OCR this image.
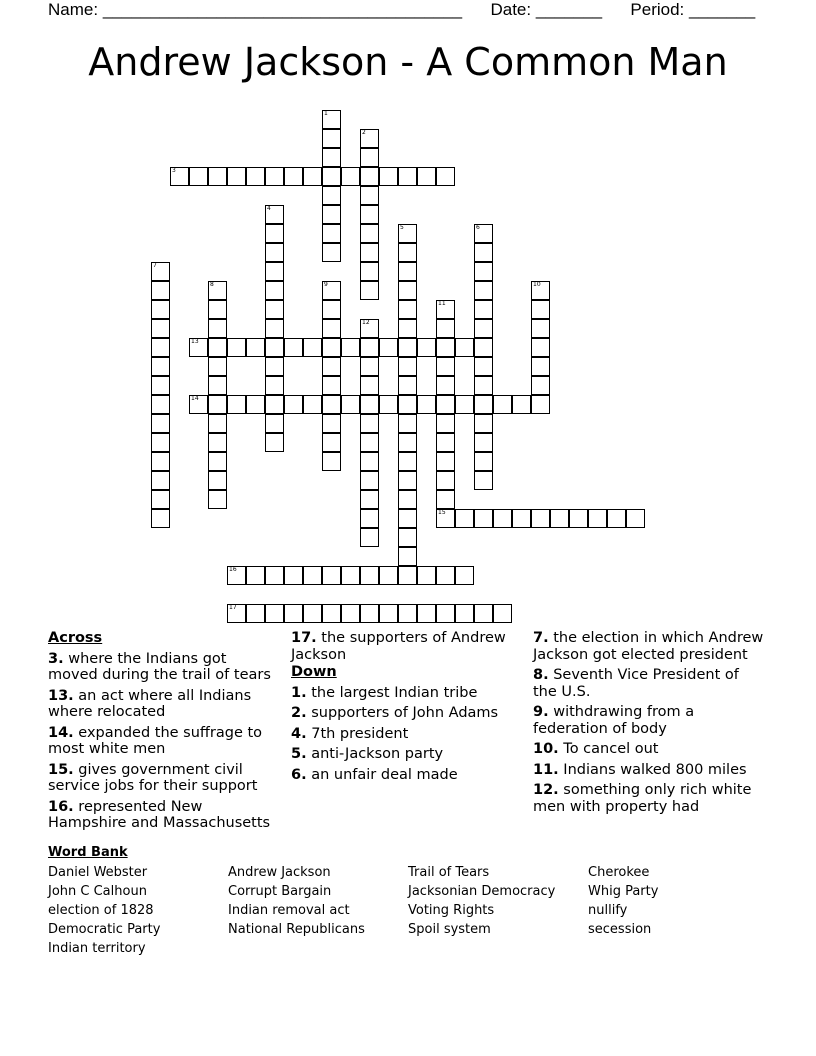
Name: ______________________________________ Date: _______ Period: _______
Andrew Jackson - A Common Man
1
2
3
4
5	6
7
8	9	10
11
15
12
13
14
16
17
Across
3. where the Indians got moved during the trail of tears
13. an act where all Indians where relocated
14. expanded the suffrage to most white men
15. gives government civil service jobs for their support
16. represented New Hampshire and Massachusetts
17. the supporters of Andrew Jackson
Down
1. the largest Indian tribe
2. supporters of John Adams
4. 7th president
5. anti-Jackson party
6. an unfair deal made
7. the election in which Andrew Jackson got elected president
8. Seventh Vice President of the U.S.
9. withdrawing from a federation of body
10. To cancel out
11. Indians walked 800 miles
12. something only rich white men with property had
Word Bank
Daniel Webster
John C Calhoun
election of 1828
Democratic Party
Indian territory
Andrew Jackson
Corrupt Bargain
Indian removal act
National Republicans
Trail of Tears
Jacksonian Democracy
Voting Rights
Spoil system
Cherokee
Whig Party
nullify
secession
